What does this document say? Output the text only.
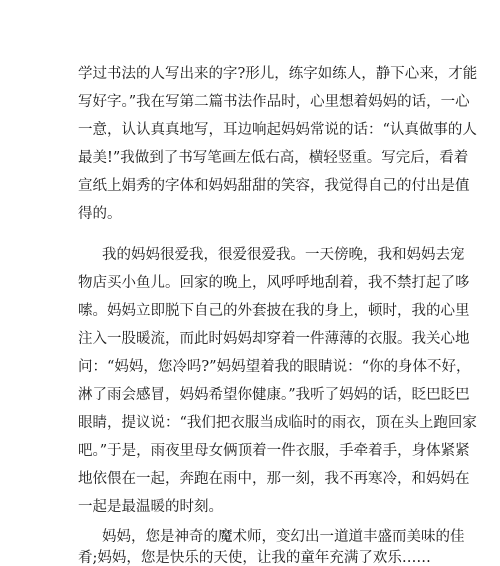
学过书法的人写出来的字?形儿，练字如练人，静下心来，才能

写好字。”我在写第二篇书法作品时，心里想着妈妈的话，一心

一意，认认真真地写，耳边响起妈妈常说的话：“认真做事的人

最美!”我做到了书写笔画左低右高，横轻竖重。写完后，看着

宣纸上娟秀的字体和妈妈甜甜的笑容，我觉得自己的付出是值

得的。

我的妈妈很爱我，很爱很爱我。一天傍晚，我和妈妈去宠

物店买小鱼儿。回家的晚上，风呼呼地刮着，我不禁打起了哆

嗦。妈妈立即脱下自己的外套披在我的身上，顿时，我的心里

注入一股暖流，而此时妈妈却穿着一件薄薄的衣服。我关心地

问：“妈妈，您冷吗?”妈妈望着我的眼睛说：“你的身体不好，

淋了雨会感冒，妈妈希望你健康。”我听了妈妈的话，眨巴眨巴

眼睛，提议说：“我们把衣服当成临时的雨衣，顶在头上跑回家

吧。”于是，雨夜里母女俩顶着一件衣服，手牵着手，身体紧紧

地依偎在一起，奔跑在雨中，那一刻，我不再寒冷，和妈妈在

一起是最温暖的时刻。

妈妈，您是神奇的魔术师，变幻出一道道丰盛而美味的佳

肴;妈妈，您是快乐的天使，让我的童年充满了欢乐……
